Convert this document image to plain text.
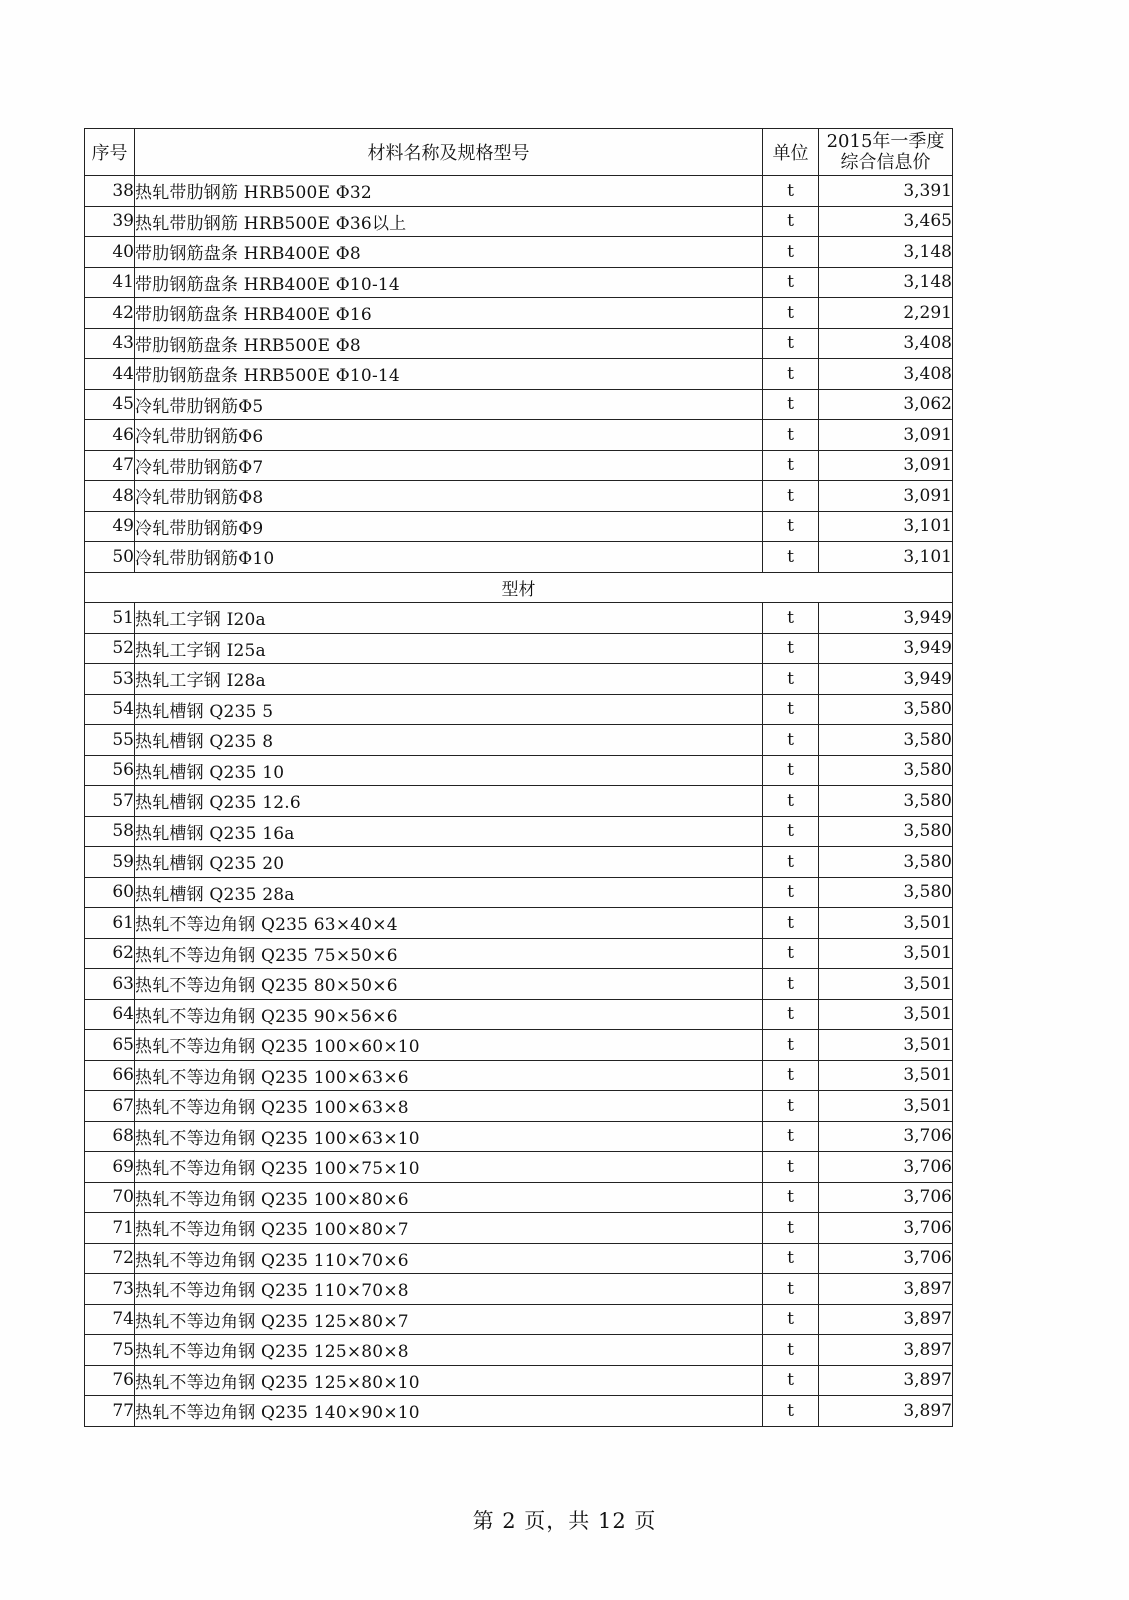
序号	材料名称及规格型号	单位	2015年一季度
综合信息价

38	热轧带肋钢筋 HRB500E Φ32	t	3,391
39	热轧带肋钢筋 HRB500E Φ36以上	t	3,465
40	带肋钢筋盘条 HRB400E Φ8	t	3,148
41	带肋钢筋盘条 HRB400E Φ10-14	t	3,148
42	带肋钢筋盘条 HRB400E Φ16	t	2,291
43	带肋钢筋盘条 HRB500E Φ8	t	3,408
44	带肋钢筋盘条 HRB500E Φ10-14	t	3,408
45	冷轧带肋钢筋Φ5	t	3,062
46	冷轧带肋钢筋Φ6	t	3,091
47	冷轧带肋钢筋Φ7	t	3,091
48	冷轧带肋钢筋Φ8	t	3,091
49	冷轧带肋钢筋Φ9	t	3,101
50	冷轧带肋钢筋Φ10	t	3,101
型材			
51	热轧工字钢 I20a	t	3,949
52	热轧工字钢 I25a	t	3,949
53	热轧工字钢 I28a	t	3,949
54	热轧槽钢 Q235 5	t	3,580
55	热轧槽钢 Q235 8	t	3,580
56	热轧槽钢 Q235 10	t	3,580
57	热轧槽钢 Q235 12.6	t	3,580
58	热轧槽钢 Q235 16a	t	3,580
59	热轧槽钢 Q235 20	t	3,580
60	热轧槽钢 Q235 28a	t	3,580
61	热轧不等边角钢 Q235 63×40×4	t	3,501
62	热轧不等边角钢 Q235 75×50×6	t	3,501
63	热轧不等边角钢 Q235 80×50×6	t	3,501
64	热轧不等边角钢 Q235 90×56×6	t	3,501
65	热轧不等边角钢 Q235 100×60×10	t	3,501
66	热轧不等边角钢 Q235 100×63×6	t	3,501
67	热轧不等边角钢 Q235 100×63×8	t	3,501
68	热轧不等边角钢 Q235 100×63×10	t	3,706
69	热轧不等边角钢 Q235 100×75×10	t	3,706
70	热轧不等边角钢 Q235 100×80×6	t	3,706
71	热轧不等边角钢 Q235 100×80×7	t	3,706
72	热轧不等边角钢 Q235 110×70×6	t	3,706
73	热轧不等边角钢 Q235 110×70×8	t	3,897
74	热轧不等边角钢 Q235 125×80×7	t	3,897
75	热轧不等边角钢 Q235 125×80×8	t	3,897
76	热轧不等边角钢 Q235 125×80×10	t	3,897
77	热轧不等边角钢 Q235 140×90×10	t	3,897
第 2 页，共 12 页
